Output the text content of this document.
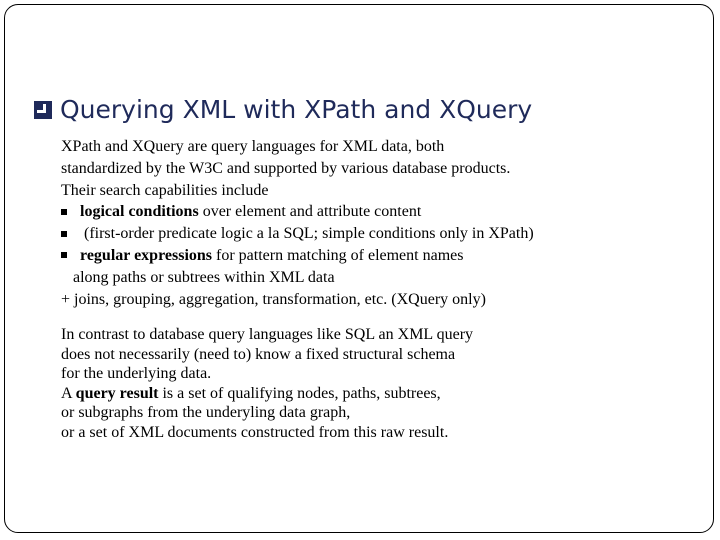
Querying XML with XPath and XQuery
XPath and XQuery are query languages for XML data, both
standardized by the W3C and supported by various database products.
Their search capabilities include
logical conditions over element and attribute content
(first-order predicate logic a la SQL; simple conditions only in XPath)
regular expressions for pattern matching of element names
along paths or subtrees within XML data
+ joins, grouping, aggregation, transformation, etc. (XQuery only)
In contrast to database query languages like SQL an XML query
does not necessarily (need to) know a fixed structural schema
for the underlying data.
A query result is a set of qualifying nodes, paths, subtrees,
or subgraphs from the underyling data graph,
or a set of XML documents constructed from this raw result.
